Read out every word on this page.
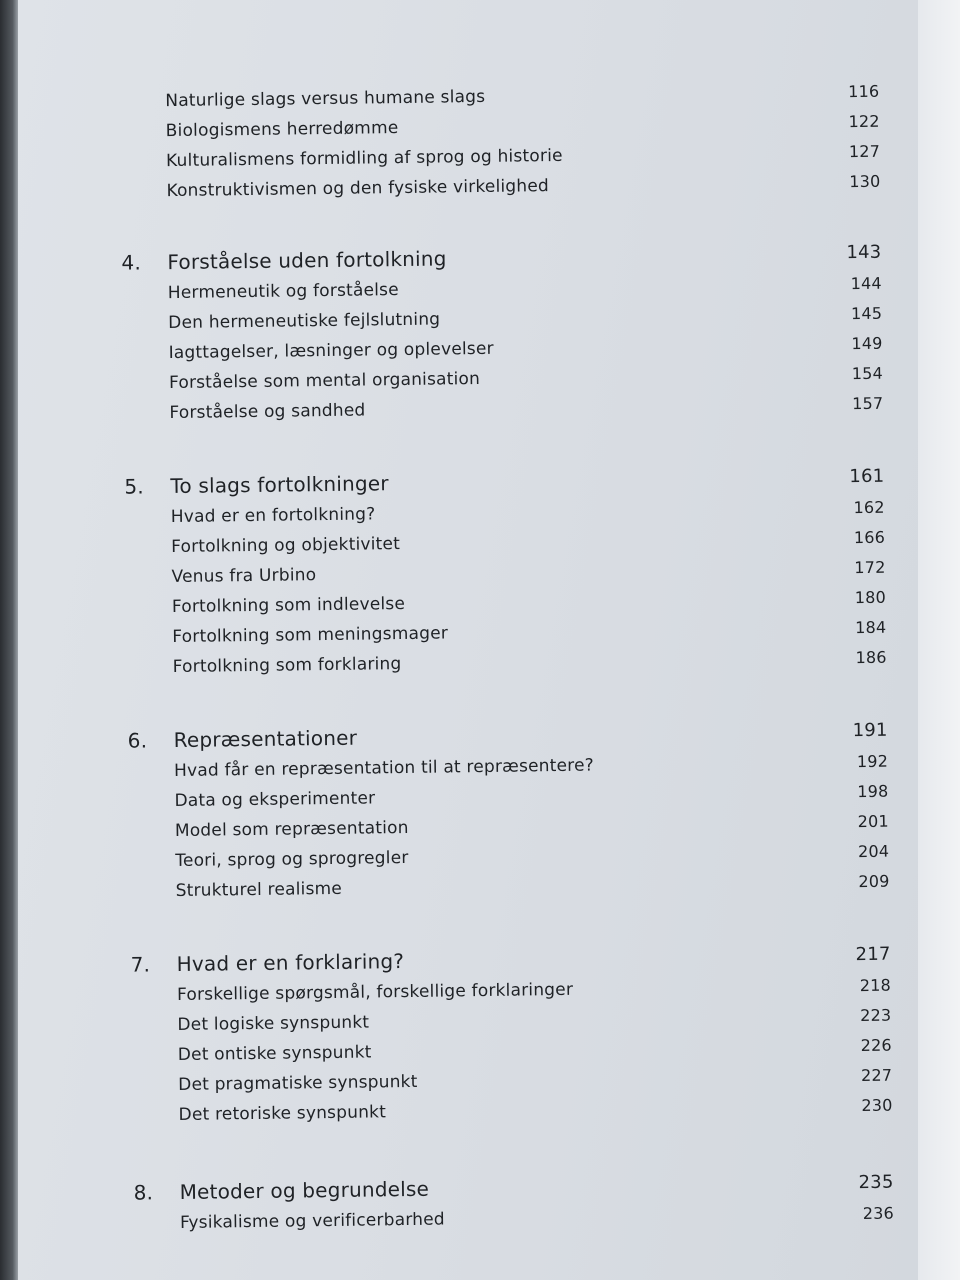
Naturlige slags versus humane slags	116
Biologismens herredømme	122
Kulturalismens formidling af sprog og historie	127
Konstruktivismen og den fysiske virkelighed	130
4.	Forståelse uden fortolkning	143
Hermeneutik og forståelse	144
Den hermeneutiske fejlslutning	145
Iagttagelser, læsninger og oplevelser	149
Forståelse som mental organisation	154
Forståelse og sandhed	157
5.	To slags fortolkninger	161
Hvad er en fortolkning?	162
Fortolkning og objektivitet	166
Venus fra Urbino	172
Fortolkning som indlevelse	180
Fortolkning som meningsmager	184
Fortolkning som forklaring	186
6.	Repræsentationer	191
Hvad får en repræsentation til at repræsentere?	192
Data og eksperimenter	198
Model som repræsentation	201
Teori, sprog og sprogregler	204
Strukturel realisme	209
7.	Hvad er en forklaring?	217
Forskellige spørgsmål, forskellige forklaringer	218
Det logiske synspunkt	223
Det ontiske synspunkt	226
Det pragmatiske synspunkt	227
Det retoriske synspunkt	230
8.	Metoder og begrundelse	235
Fysikalisme og verificerbarhed	236
